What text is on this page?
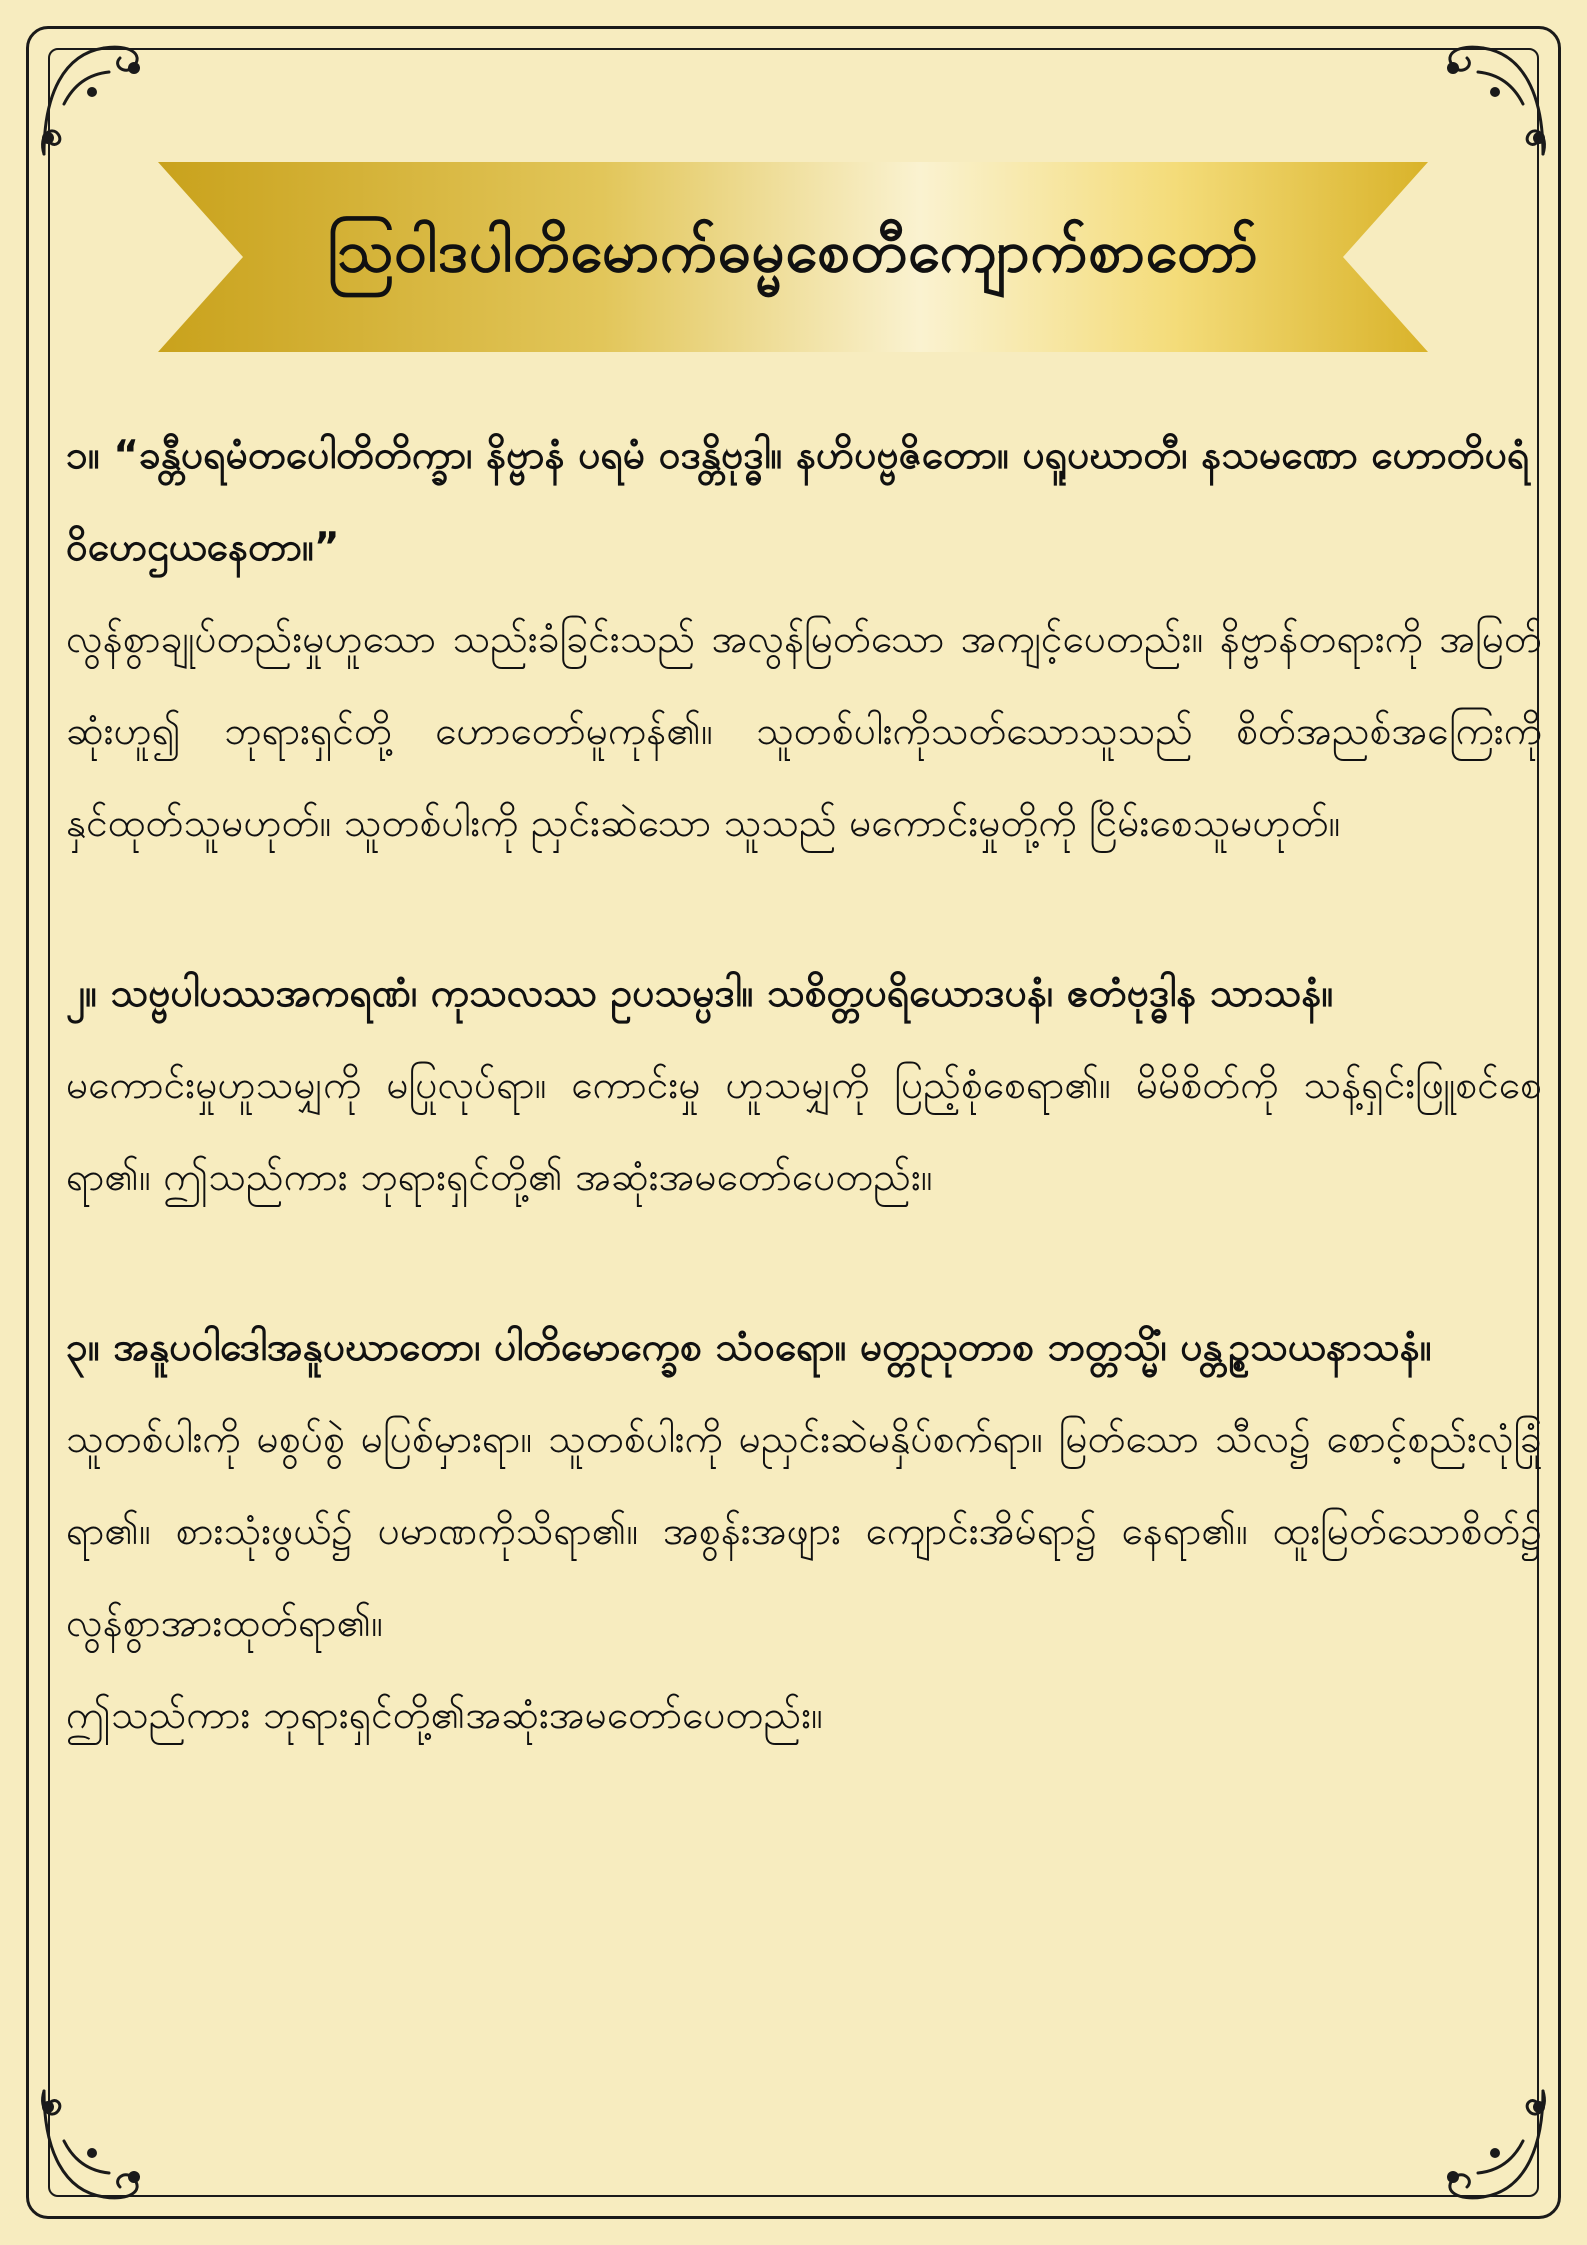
ဩဝါဒပါတိမောက်ဓမ္မစေတီကျောက်စာတော်

၁။ “ခန္တီပရမံတပေါတိတိက္ခာ၊ နိဗ္ဗာနံ ပရမံ ဝဒန္တိဗုဒ္ဓါ။ နဟိပဗ္ဗဇိတော။ ပရူပဃာတီ၊ နသမဏော ဟောတိပရံဝိဟေဌယနေတာ။”

လွန်စွာချုပ်တည်းမှုဟူသော သည်းခံခြင်းသည် အလွန်မြတ်သော အကျင့်ပေတည်း။ နိဗ္ဗာန်တရားကို အမြတ်ဆုံးဟူ၍ ဘုရားရှင်တို့ ဟောတော်မူကုန်၏။ သူတစ်ပါးကိုသတ်သောသူသည် စိတ်အညစ်အကြေးကို နှင်ထုတ်သူမဟုတ်။ သူတစ်ပါးကို ညှင်းဆဲသော သူသည် မကောင်းမှုတို့ကို ငြိမ်းစေသူမဟုတ်။

၂။ သဗ္ဗပါပဿအကရဏံ၊ ကုသလဿ ဥပသမ္ပဒါ။ သစိတ္တပရိယောဒပနံ၊ ဧတံဗုဒ္ဓါန သာသနံ။

မကောင်းမှုဟူသမျှကို မပြုလုပ်ရာ။ ကောင်းမှု ဟူသမျှကို ပြည့်စုံစေရာ၏။ မိမိစိတ်ကို သန့်ရှင်းဖြူစင်စေရာ၏။ ဤသည်ကား ဘုရားရှင်တို့၏ အဆုံးအမတော်ပေတည်း။

၃။ အနူပဝါဒေါအနူပဃာတော၊ ပါတိမောက္ခေစ သံဝရော။ မတ္တညုတာစ ဘတ္တသ္မိံ၊ ပန္တဥ္စသယနာသနံ။

သူတစ်ပါးကို မစွပ်စွဲ မပြစ်မှားရာ။ သူတစ်ပါးကို မညှင်းဆဲမနှိပ်စက်ရာ။ မြတ်သော သီလ၌ စောင့်စည်းလုံခြုံရာ၏။ စားသုံးဖွယ်၌ ပမာဏကိုသိရာ၏။ အစွန်းအဖျား ကျောင်းအိမ်ရာ၌ နေရာ၏။ ထူးမြတ်သောစိတ်၌ လွန်စွာအားထုတ်ရာ၏။

ဤသည်ကား ဘုရားရှင်တို့၏အဆုံးအမတော်ပေတည်း။
